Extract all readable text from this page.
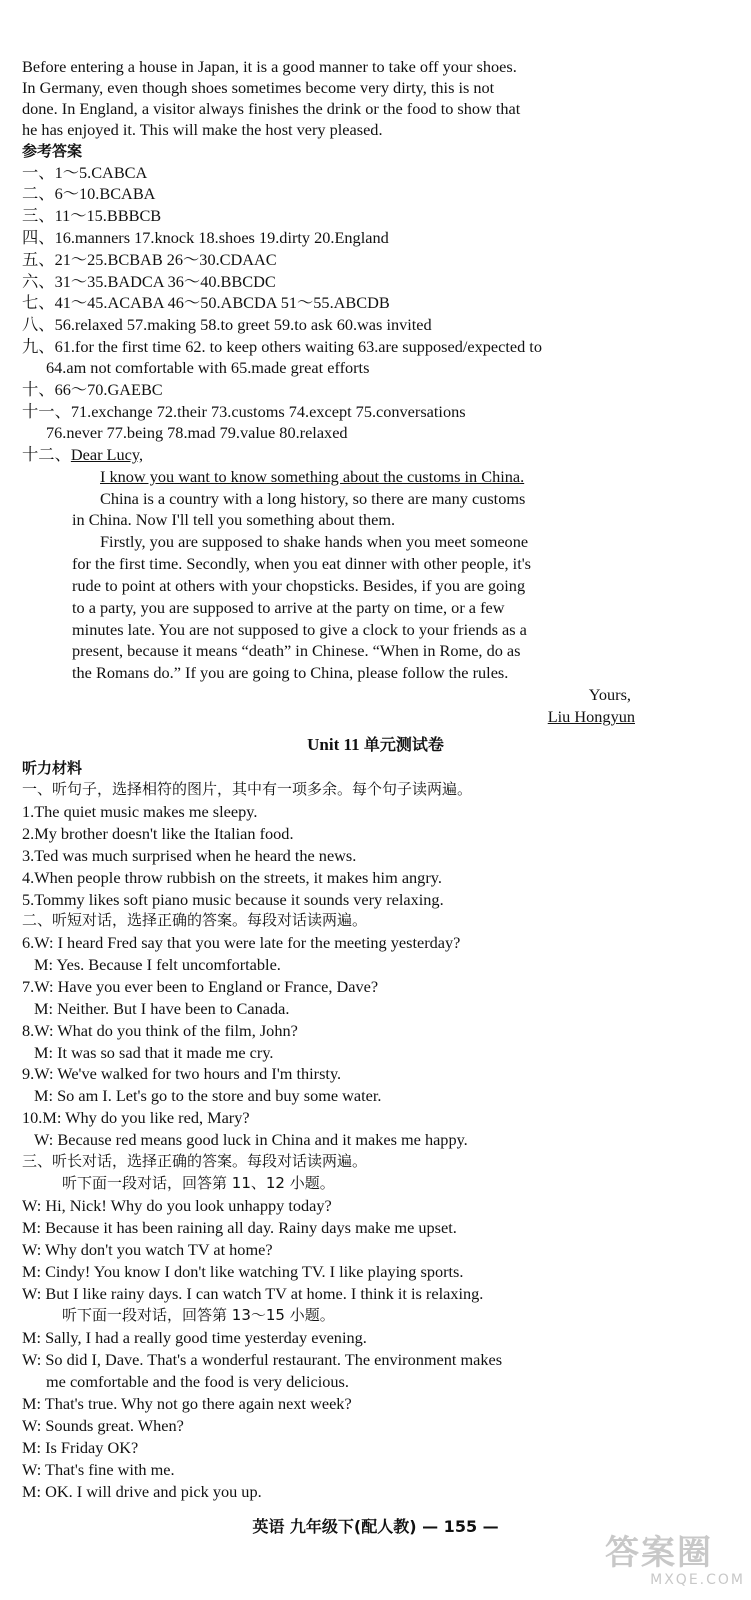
Before entering a house in Japan, it is a good manner to take off your shoes.
In Germany, even though shoes sometimes become very dirty, this is not
done. In England, a visitor always finishes the drink or the food to show that
he has enjoyed it. This will make the host very pleased.
参考答案
一、1～5.CABCA
二、6～10.BCABA
三、11～15.BBBCB
四、16.manners 17.knock 18.shoes 19.dirty 20.England
五、21～25.BCBAB 26～30.CDAAC
六、31～35.BADCA 36～40.BBCDC
七、41～45.ACABA 46～50.ABCDA 51～55.ABCDB
八、56.relaxed 57.making 58.to greet 59.to ask 60.was invited
九、61.for the first time 62. to keep others waiting 63.are supposed/expected to
64.am not comfortable with 65.made great efforts
十、66～70.GAEBC
十一、71.exchange 72.their 73.customs 74.except 75.conversations
76.never 77.being 78.mad 79.value 80.relaxed
十二、Dear Lucy,
I know you want to know something about the customs in China.
China is a country with a long history, so there are many customs
in China. Now I'll tell you something about them.
Firstly, you are supposed to shake hands when you meet someone
for the first time. Secondly, when you eat dinner with other people, it's
rude to point at others with your chopsticks. Besides, if you are going
to a party, you are supposed to arrive at the party on time, or a few
minutes late. You are not supposed to give a clock to your friends as a
present, because it means “death” in Chinese. “When in Rome, do as
the Romans do.” If you are going to China, please follow the rules.
Yours,
Liu Hongyun
Unit 11 单元测试卷
听力材料
一、听句子，选择相符的图片，其中有一项多余。每个句子读两遍。
1.The quiet music makes me sleepy.
2.My brother doesn't like the Italian food.
3.Ted was much surprised when he heard the news.
4.When people throw rubbish on the streets, it makes him angry.
5.Tommy likes soft piano music because it sounds very relaxing.
二、听短对话，选择正确的答案。每段对话读两遍。
6.W: I heard Fred say that you were late for the meeting yesterday?
M: Yes. Because I felt uncomfortable.
7.W: Have you ever been to England or France, Dave?
M: Neither. But I have been to Canada.
8.W: What do you think of the film, John?
M: It was so sad that it made me cry.
9.W: We've walked for two hours and I'm thirsty.
M: So am I. Let's go to the store and buy some water.
10.M: Why do you like red, Mary?
W: Because red means good luck in China and it makes me happy.
三、听长对话，选择正确的答案。每段对话读两遍。
听下面一段对话，回答第 11、12 小题。
W: Hi, Nick! Why do you look unhappy today?
M: Because it has been raining all day. Rainy days make me upset.
W: Why don't you watch TV at home?
M: Cindy! You know I don't like watching TV. I like playing sports.
W: But I like rainy days. I can watch TV at home. I think it is relaxing.
听下面一段对话，回答第 13～15 小题。
M: Sally, I had a really good time yesterday evening.
W: So did I, Dave. That's a wonderful restaurant. The environment makes
me comfortable and the food is very delicious.
M: That's true. Why not go there again next week?
W: Sounds great. When?
M: Is Friday OK?
W: That's fine with me.
M: OK. I will drive and pick you up.
英语 九年级下(配人教) — 155 —
答案圈
MXQE.COM
